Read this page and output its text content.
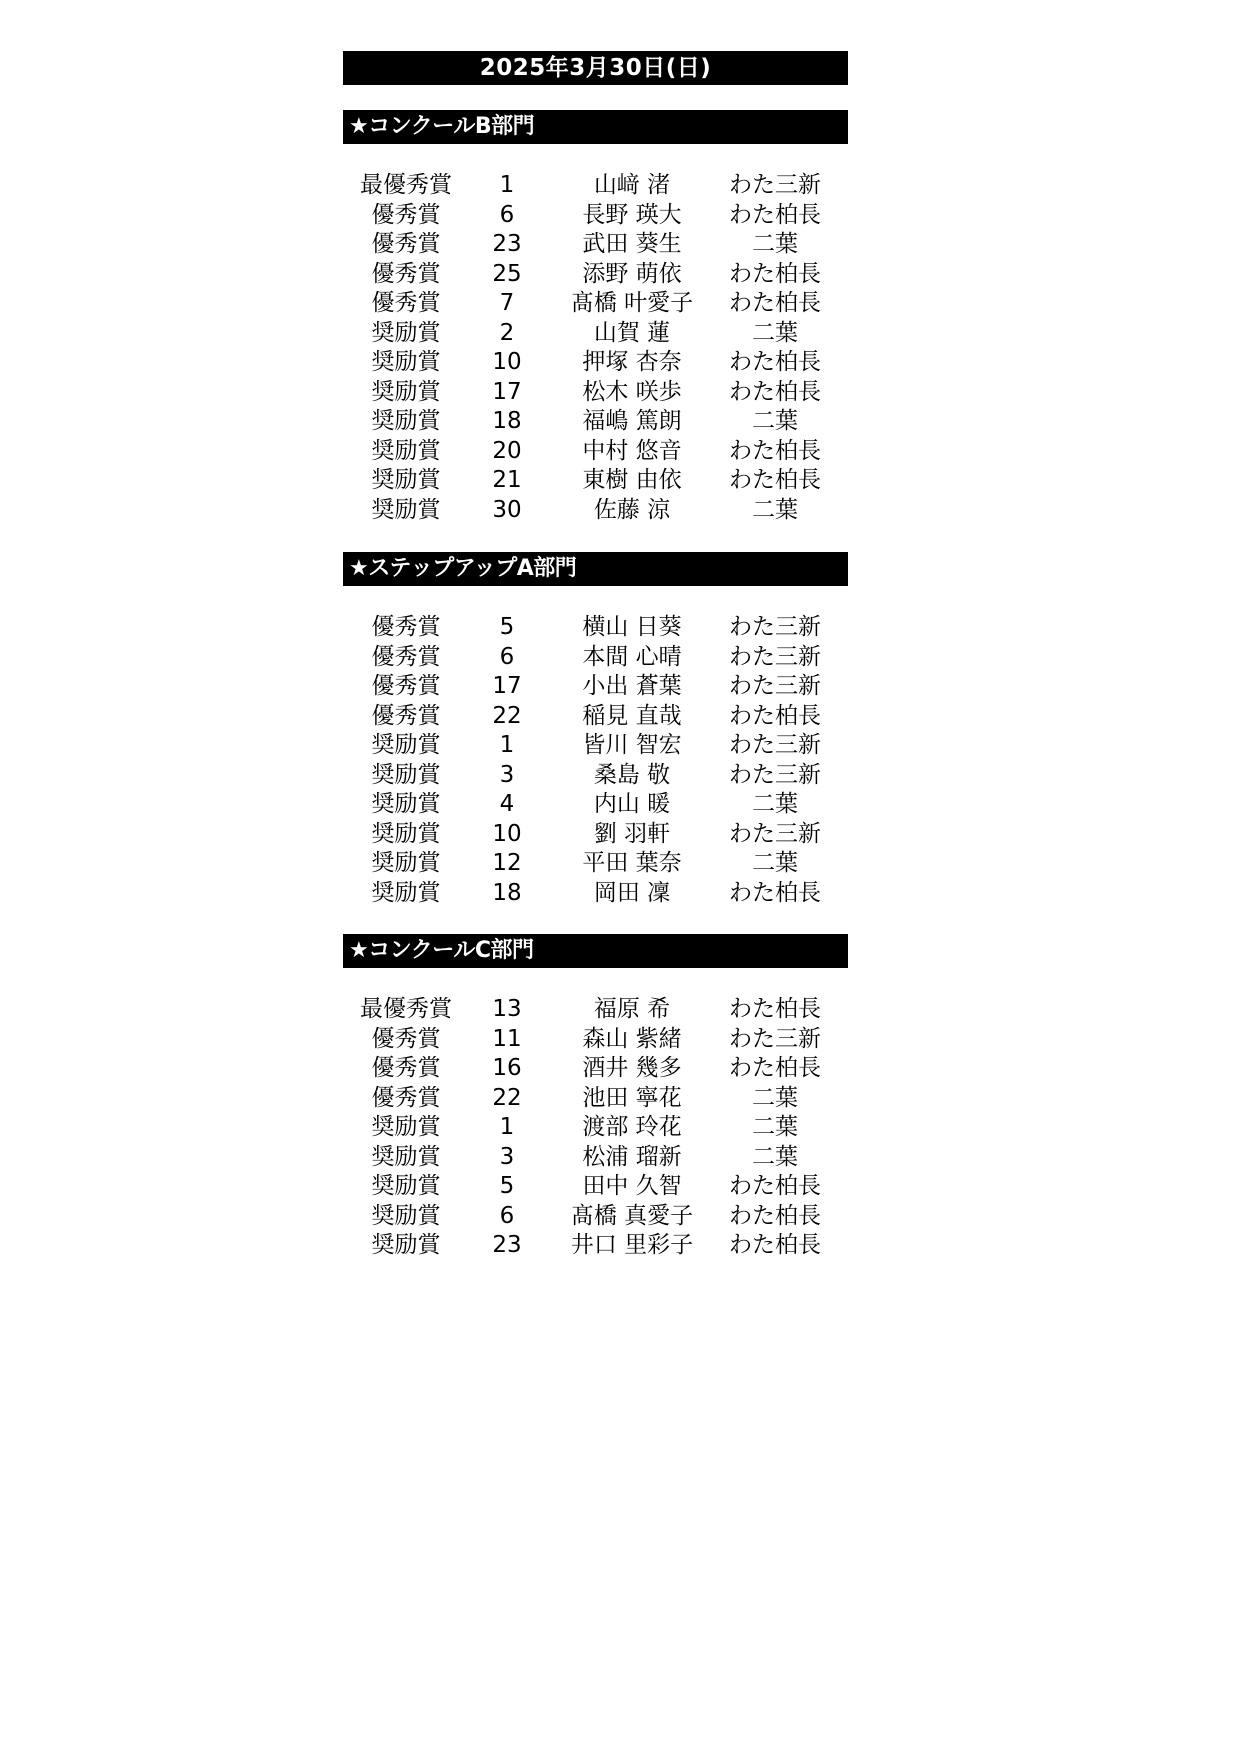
2025年3月30日(日)
★コンクールB部門
最優秀賞	1	山﨑 渚	わた三新
優秀賞	6	長野 瑛大	わた柏長
優秀賞	23	武田 葵生	二葉
優秀賞	25	添野 萌依	わた柏長
優秀賞	7	髙橋 叶愛子	わた柏長
奨励賞	2	山賀 蓮	二葉
奨励賞	10	押塚 杏奈	わた柏長
奨励賞	17	松木 咲歩	わた柏長
奨励賞	18	福嶋 篤朗	二葉
奨励賞	20	中村 悠音	わた柏長
奨励賞	21	東樹 由依	わた柏長
奨励賞	30	佐藤 涼	二葉
★ステップアップA部門
優秀賞	5	横山 日葵	わた三新
優秀賞	6	本間 心晴	わた三新
優秀賞	17	小出 蒼葉	わた三新
優秀賞	22	稲見 直哉	わた柏長
奨励賞	1	皆川 智宏	わた三新
奨励賞	3	桑島 敬	わた三新
奨励賞	4	内山 暖	二葉
奨励賞	10	劉 羽軒	わた三新
奨励賞	12	平田 葉奈	二葉
奨励賞	18	岡田 凜	わた柏長
★コンクールC部門
最優秀賞	13	福原 希	わた柏長
優秀賞	11	森山 紫緒	わた三新
優秀賞	16	酒井 幾多	わた柏長
優秀賞	22	池田 寧花	二葉
奨励賞	1	渡部 玲花	二葉
奨励賞	3	松浦 瑠新	二葉
奨励賞	5	田中 久智	わた柏長
奨励賞	6	髙橋 真愛子	わた柏長
奨励賞	23	井口 里彩子	わた柏長
